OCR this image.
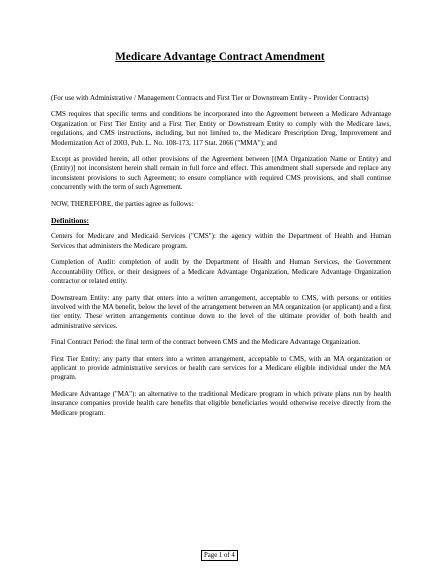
Medicare Advantage Contract Amendment

(For use with Administrative / Management Contracts and First Tier or Downstream Entity - Provider Contracts)

CMS requires that specific terms and conditions be incorporated into the Agreement between a Medicare Advantage Organization or First Tier Entity and a First Tier Entity or Downstream Entity to comply with the Medicare laws, regulations, and CMS instructions, including, but not limited to, the Medicare Prescription Drug, Improvement and Modernization Act of 2003, Pub. L. No. 108-173, 117 Stat. 2066 ("MMA"); and

Except as provided herein, all other provisions of the Agreement between [(MA Organization Name or Entity) and (Entity)] not inconsistent herein shall remain in full force and effect. This amendment shall supersede and replace any inconsistent provisions to such Agreement; to ensure compliance with required CMS provisions, and shall continue concurrently with the term of such Agreement.

NOW, THEREFORE, the parties agree as follows:

Definitions:

Centers for Medicare and Medicaid Services ("CMS"): the agency within the Department of Health and Human Services that administers the Medicare program.

Completion of Audit: completion of audit by the Department of Health and Human Services, the Government Accountability Office, or their designees of a Medicare Advantage Organization, Medicare Advantage Organization contractor or related entity.

Downstream Entity: any party that enters into a written arrangement, acceptable to CMS, with persons or entities involved with the MA benefit, below the level of the arrangement between an MA organization (or applicant) and a first tier entity. These written arrangements continue down to the level of the ultimate provider of both health and administrative services.

Final Contract Period: the final term of the contract between CMS and the Medicare Advantage Organization.

First Tier Entity: any party that enters into a written arrangement, acceptable to CMS, with an MA organization or applicant to provide administrative services or health care services for a Medicare eligible individual under the MA program.

Medicare Advantage ("MA"): an alternative to the traditional Medicare program in which private plans run by health insurance companies provide health care benefits that eligible beneficiaries would otherwise receive directly from the Medicare program.

Page 1 of 4
